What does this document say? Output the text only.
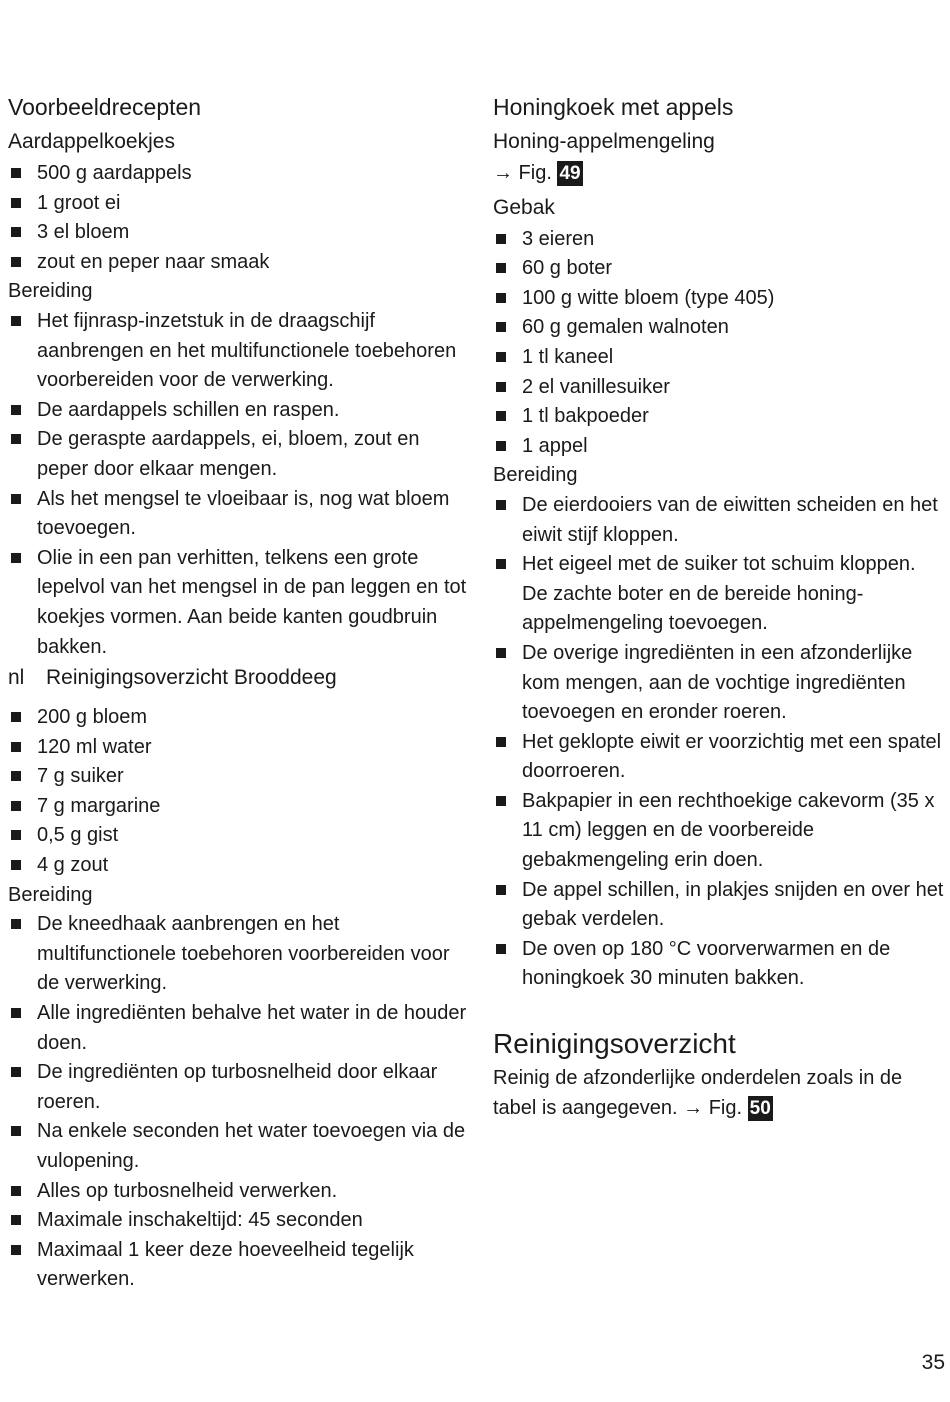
Voorbeeldrecepten
Aardappelkoekjes
500 g aardappels
1 groot ei
3 el bloem
zout en peper naar smaak
Bereiding
Het fijnrasp-inzetstuk in de draagschijf aanbrengen en het multifunctionele toebehoren voorbereiden voor de verwerking.
De aardappels schillen en raspen.
De geraspte aardappels, ei, bloem, zout en peper door elkaar mengen.
Als het mengsel te vloeibaar is, nog wat bloem toevoegen.
Olie in een pan verhitten, telkens een grote lepelvol van het mengsel in de pan leggen en tot koekjes vormen. Aan beide kanten goudbruin bakken.
nl Reinigingsoverzicht Brooddeeg
200 g bloem
120 ml water
7 g suiker
7 g margarine
0,5 g gist
4 g zout
Bereiding
De kneedhaak aanbrengen en het multifunctionele toebehoren voorbereiden voor de verwerking.
Alle ingrediënten behalve het water in de houder doen.
De ingrediënten op turbosnelheid door elkaar roeren.
Na enkele seconden het water toevoegen via de vulopening.
Alles op turbosnelheid verwerken.
Maximale inschakeltijd: 45 seconden
Maximaal 1 keer deze hoeveelheid tegelijk verwerken.
Honingkoek met appels
Honing-appelmengeling
→ Fig. 49
Gebak
3 eieren
60 g boter
100 g witte bloem (type 405)
60 g gemalen walnoten
1 tl kaneel
2 el vanillesuiker
1 tl bakpoeder
1 appel
Bereiding
De eierdooiers van de eiwitten scheiden en het eiwit stijf kloppen.
Het eigeel met de suiker tot schuim kloppen. De zachte boter en de bereide honing-appelmengeling toevoegen.
De overige ingrediënten in een afzonderlijke kom mengen, aan de vochtige ingrediënten toevoegen en eronder roeren.
Het geklopte eiwit er voorzichtig met een spatel doorroeren.
Bakpapier in een rechthoekige cakevorm (35 x 11 cm) leggen en de voorbereide gebakmengeling erin doen.
De appel schillen, in plakjes snijden en over het gebak verdelen.
De oven op 180 °C voorverwarmen en de honingkoek 30 minuten bakken.
Reinigingsoverzicht
Reinig de afzonderlijke onderdelen zoals in de tabel is aangegeven. → Fig. 50
35
